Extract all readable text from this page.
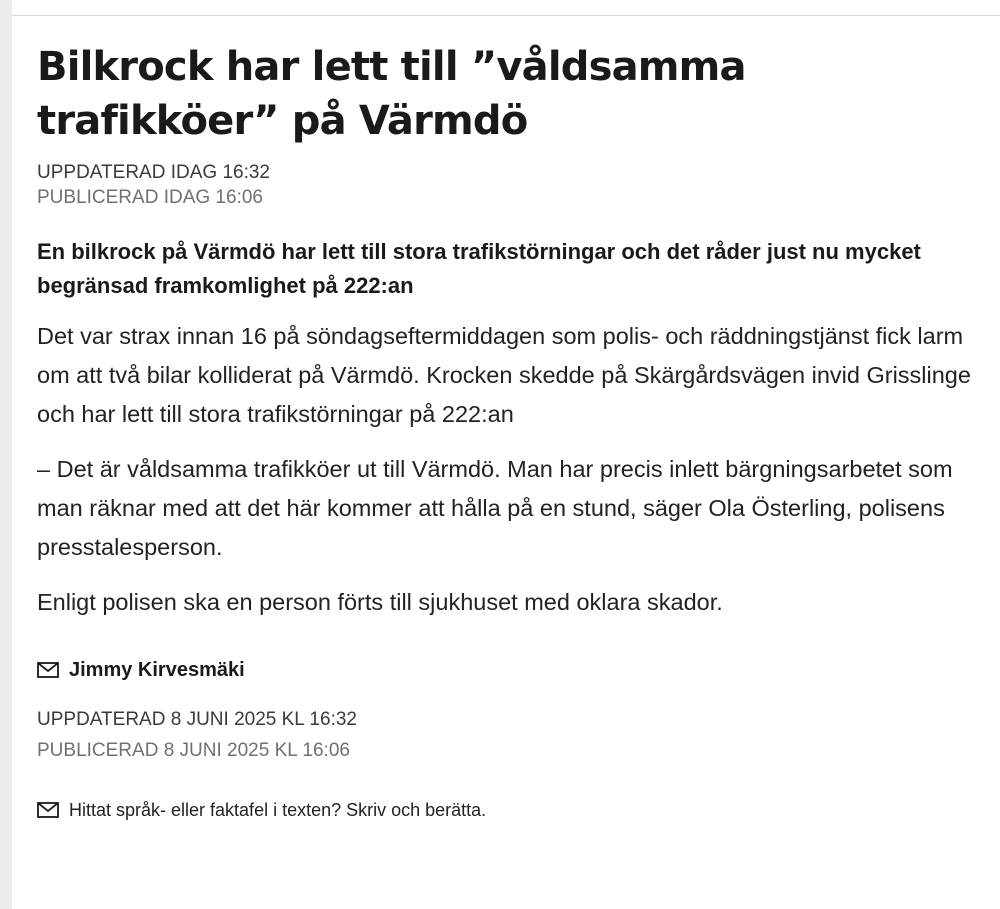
Bilkrock har lett till ”våldsamma trafikköer” på Värmdö
UPPDATERAD IDAG 16:32
PUBLICERAD IDAG 16:06

En bilkrock på Värmdö har lett till stora trafikstörningar och det råder just nu mycket begränsad framkomlighet på 222:an

Det var strax innan 16 på söndagseftermiddagen som polis- och räddningstjänst fick larm om att två bilar kolliderat på Värmdö. Krocken skedde på Skärgårdsvägen invid Grisslinge och har lett till stora trafikstörningar på 222:an

– Det är våldsamma trafikköer ut till Värmdö. Man har precis inlett bärgningsarbetet som man räknar med att det här kommer att hålla på en stund, säger Ola Österling, polisens presstalesperson.

Enligt polisen ska en person förts till sjukhuset med oklara skador.

Jimmy Kirvesmäki
UPPDATERAD 8 JUNI 2025 KL 16:32
PUBLICERAD 8 JUNI 2025 KL 16:06
Hittat språk- eller faktafel i texten? Skriv och berätta.
